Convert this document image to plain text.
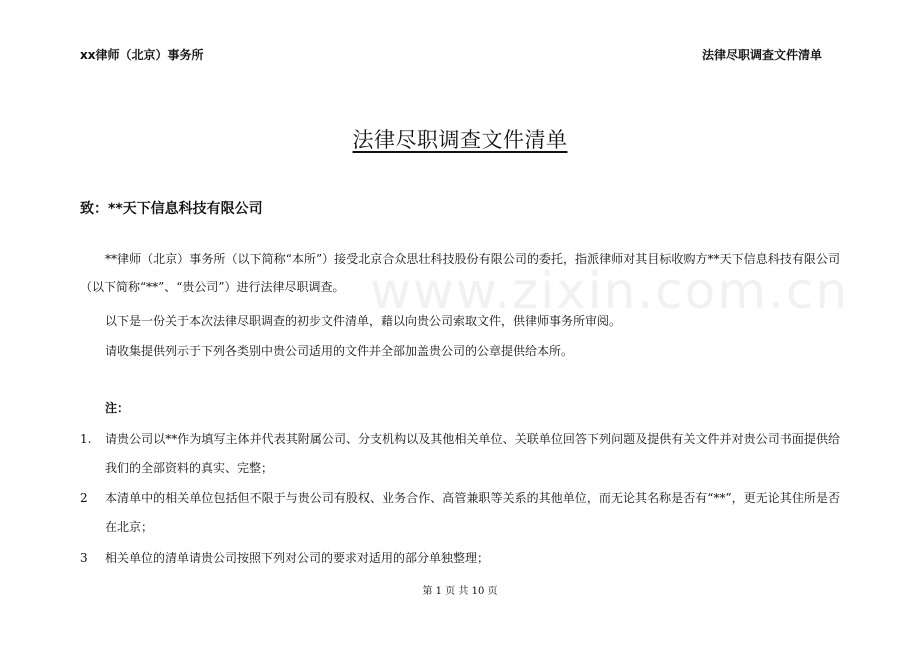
xx律师（北京）事务所	法律尽职调查文件清单
法律尽职调查文件清单
致：**天下信息科技有限公司
**律师（北京）事务所（以下简称“本所”）接受北京合众思壮科技股份有限公司的委托，指派律师对其目标收购方**天下信息科技有限公司（以下简称“**”、“贵公司”）进行法律尽职调查。
以下是一份关于本次法律尽职调查的初步文件清单，藉以向贵公司索取文件，供律师事务所审阅。
请收集提供列示于下列各类别中贵公司适用的文件并全部加盖贵公司的公章提供给本所。
www.zixin.com.cn
注：
1. 请贵公司以**作为填写主体并代表其附属公司、分支机构以及其他相关单位、关联单位回答下列问题及提供有关文件并对贵公司书面提供给我们的全部资料的真实、完整；
2 本清单中的相关单位包括但不限于与贵公司有股权、业务合作、高管兼职等关系的其他单位，而无论其名称是否有“**”，更无论其住所是否在北京；
3 相关单位的清单请贵公司按照下列对公司的要求对适用的部分单独整理；
第 1 页 共 10 页
